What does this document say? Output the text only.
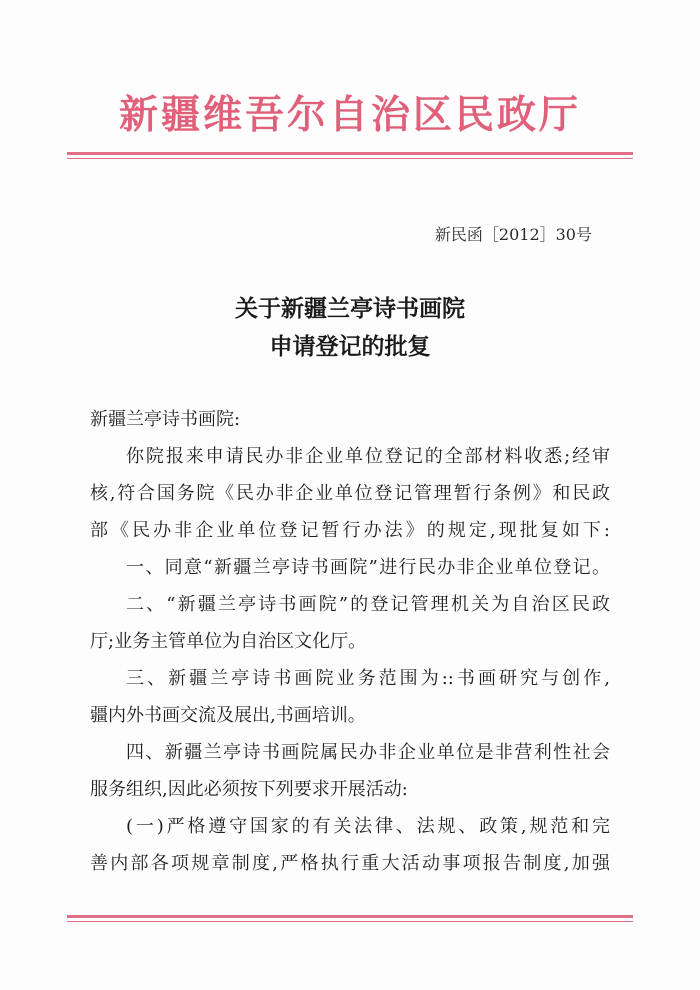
新疆维吾尔自治区民政厅
新民函［2012］30号
关于新疆兰亭诗书画院
申请登记的批复
新疆兰亭诗书画院:
你院报来申请民办非企业单位登记的全部材料收悉;经审
核,符合国务院《民办非企业单位登记管理暂行条例》和民政
部《民办非企业单位登记暂行办法》的规定,现批复如下:
一、同意“新疆兰亭诗书画院”进行民办非企业单位登记。
二、“新疆兰亭诗书画院”的登记管理机关为自治区民政
厅;业务主管单位为自治区文化厅。
三、新疆兰亭诗书画院业务范围为::书画研究与创作,
疆内外书画交流及展出,书画培训。
四、新疆兰亭诗书画院属民办非企业单位是非营利性社会
服务组织,因此必须按下列要求开展活动:
(一)严格遵守国家的有关法律、法规、政策,规范和完
善内部各项规章制度,严格执行重大活动事项报告制度,加强
